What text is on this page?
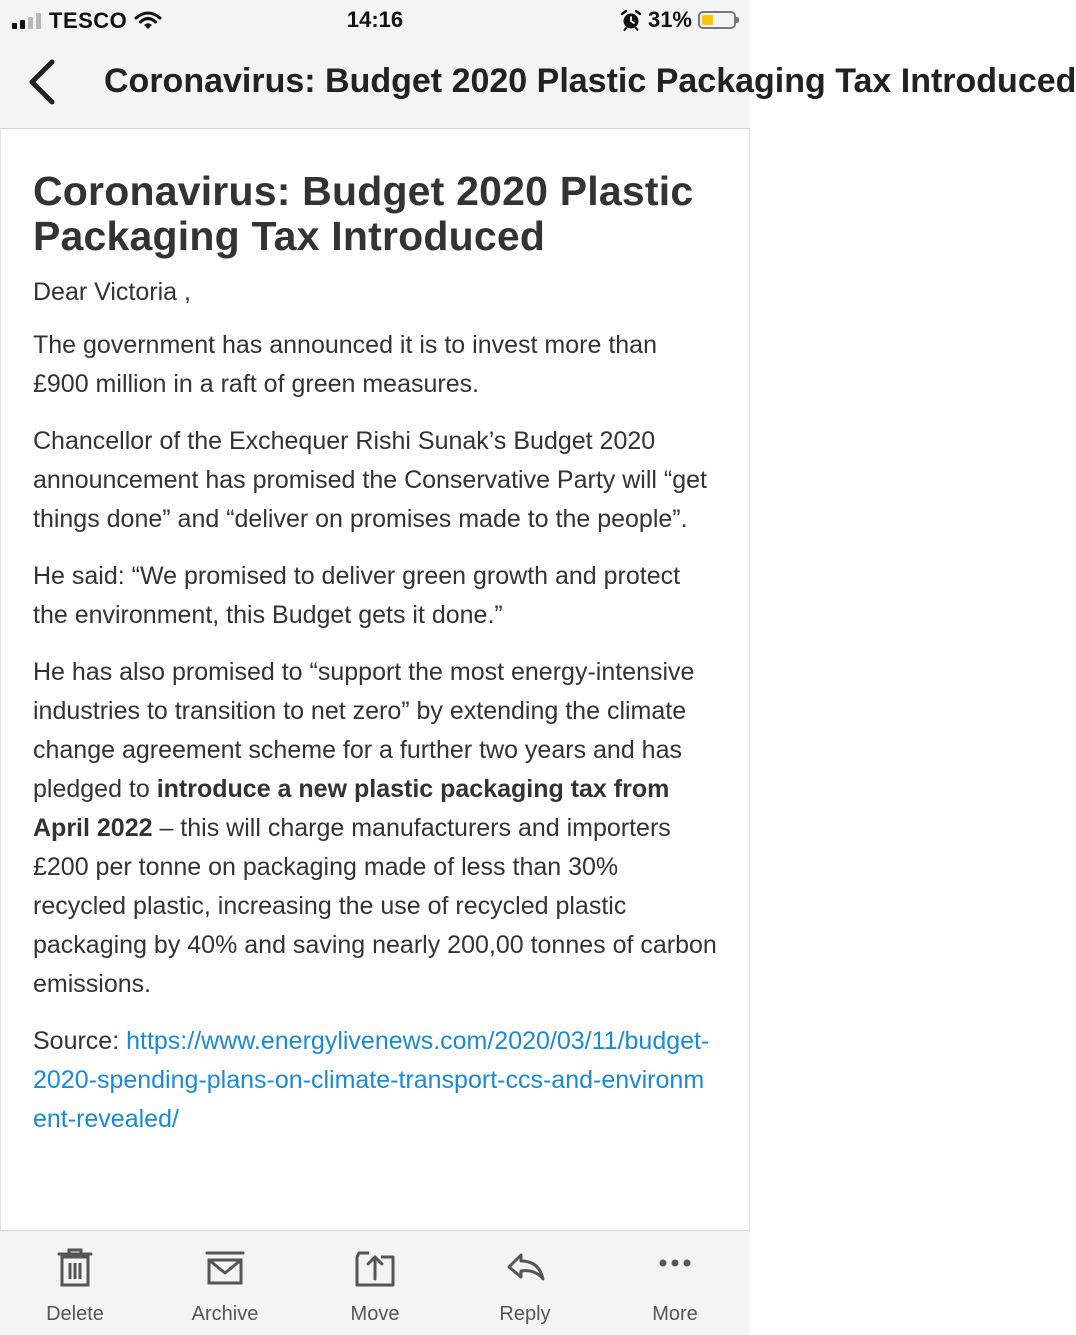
TESCO	14:16	31%
Coronavirus: Budget 2020 Plastic Packaging Tax Introduced
Coronavirus: Budget 2020 Plastic Packaging Tax Introduced

Dear Victoria ,

The government has announced it is to invest more than £900 million in a raft of green measures.

Chancellor of the Exchequer Rishi Sunak’s Budget 2020 announcement has promised the Conservative Party will “get things done” and “deliver on promises made to the people”.

He said: “We promised to deliver green growth and protect the environment, this Budget gets it done.”

He has also promised to “support the most energy-intensive industries to transition to net zero” by extending the climate change agreement scheme for a further two years and has pledged to introduce a new plastic packaging tax from April 2022 – this will charge manufacturers and importers £200 per tonne on packaging made of less than 30% recycled plastic, increasing the use of recycled plastic packaging by 40% and saving nearly 200,00 tonnes of carbon emissions.

Source: https://www.energylivenews.com/2020/03/11/budget-2020-spending-plans-on-climate-transport-ccs-and-environment-revealed/

Delete	Archive	Move	Reply	More
